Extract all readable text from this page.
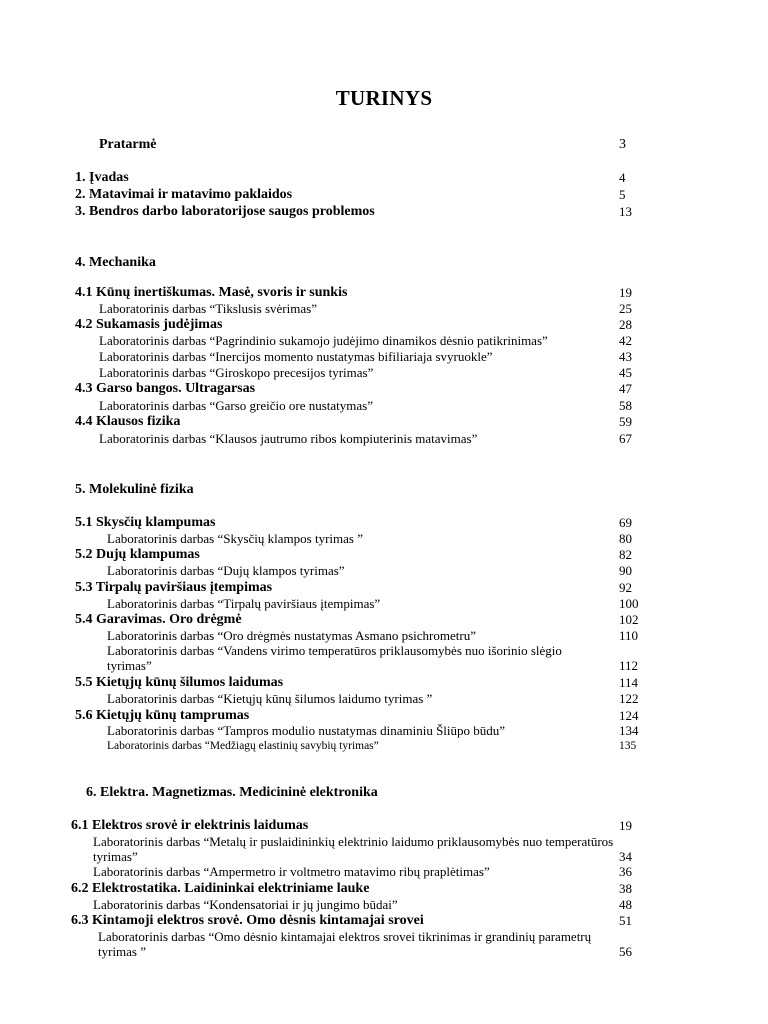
TURINYS
Pratarmė	3
1. Įvadas	4
2. Matavimai ir matavimo paklaidos	5
3. Bendros darbo laboratorijose saugos problemos	13
4. Mechanika
4.1 Kūnų inertiškumas. Masė, svoris ir sunkis	19
Laboratorinis darbas “Tikslusis svėrimas”	25
4.2 Sukamasis judėjimas	28
Laboratorinis darbas “Pagrindinio sukamojo judėjimo dinamikos dėsnio patikrinimas”	42
Laboratorinis darbas “Inercijos momento nustatymas bifiliariaja svyruokle”	43
Laboratorinis darbas “Giroskopo precesijos tyrimas”	45
4.3 Garso bangos. Ultragarsas	47
Laboratorinis darbas “Garso greičio ore nustatymas”	58
4.4 Klausos fizika	59
Laboratorinis darbas “Klausos jautrumo ribos kompiuterinis matavimas”	67
5. Molekulinė fizika
5.1 Skysčių klampumas	69
Laboratorinis darbas “Skysčių klampos tyrimas ”	80
5.2 Dujų klampumas	82
Laboratorinis darbas “Dujų klampos tyrimas”	90
5.3 Tirpalų paviršiaus įtempimas	92
Laboratorinis darbas “Tirpalų paviršiaus įtempimas”	100
5.4 Garavimas. Oro drėgmė	102
Laboratorinis darbas “Oro drėgmės nustatymas Asmano psichrometru”	110
Laboratorinis darbas “Vandens virimo temperatūros priklausomybės nuo išorinio slėgio
tyrimas”	112
5.5 Kietųjų kūnų šilumos laidumas	114
Laboratorinis darbas “Kietųjų kūnų šilumos laidumo tyrimas ”	122
5.6 Kietųjų kūnų tamprumas	124
Laboratorinis darbas “Tampros modulio nustatymas dinaminiu Šliūpo būdu”	134
Laboratorinis darbas “Medžiagų elastinių savybių tyrimas”	135
6. Elektra. Magnetizmas. Medicininė elektronika
6.1 Elektros srovė ir elektrinis laidumas	19
Laboratorinis darbas “Metalų ir puslaidininkių elektrinio laidumo priklausomybės nuo temperatūros
tyrimas”	34
Laboratorinis darbas “Ampermetro ir voltmetro matavimo ribų praplėtimas”	36
6.2 Elektrostatika. Laidininkai elektriniame lauke	38
Laboratorinis darbas “Kondensatoriai ir jų jungimo būdai”	48
6.3 Kintamoji elektros srovė. Omo dėsnis kintamajai srovei	51
Laboratorinis darbas “Omo dėsnio kintamajai elektros srovei tikrinimas ir grandinių parametrų
tyrimas ”	56
